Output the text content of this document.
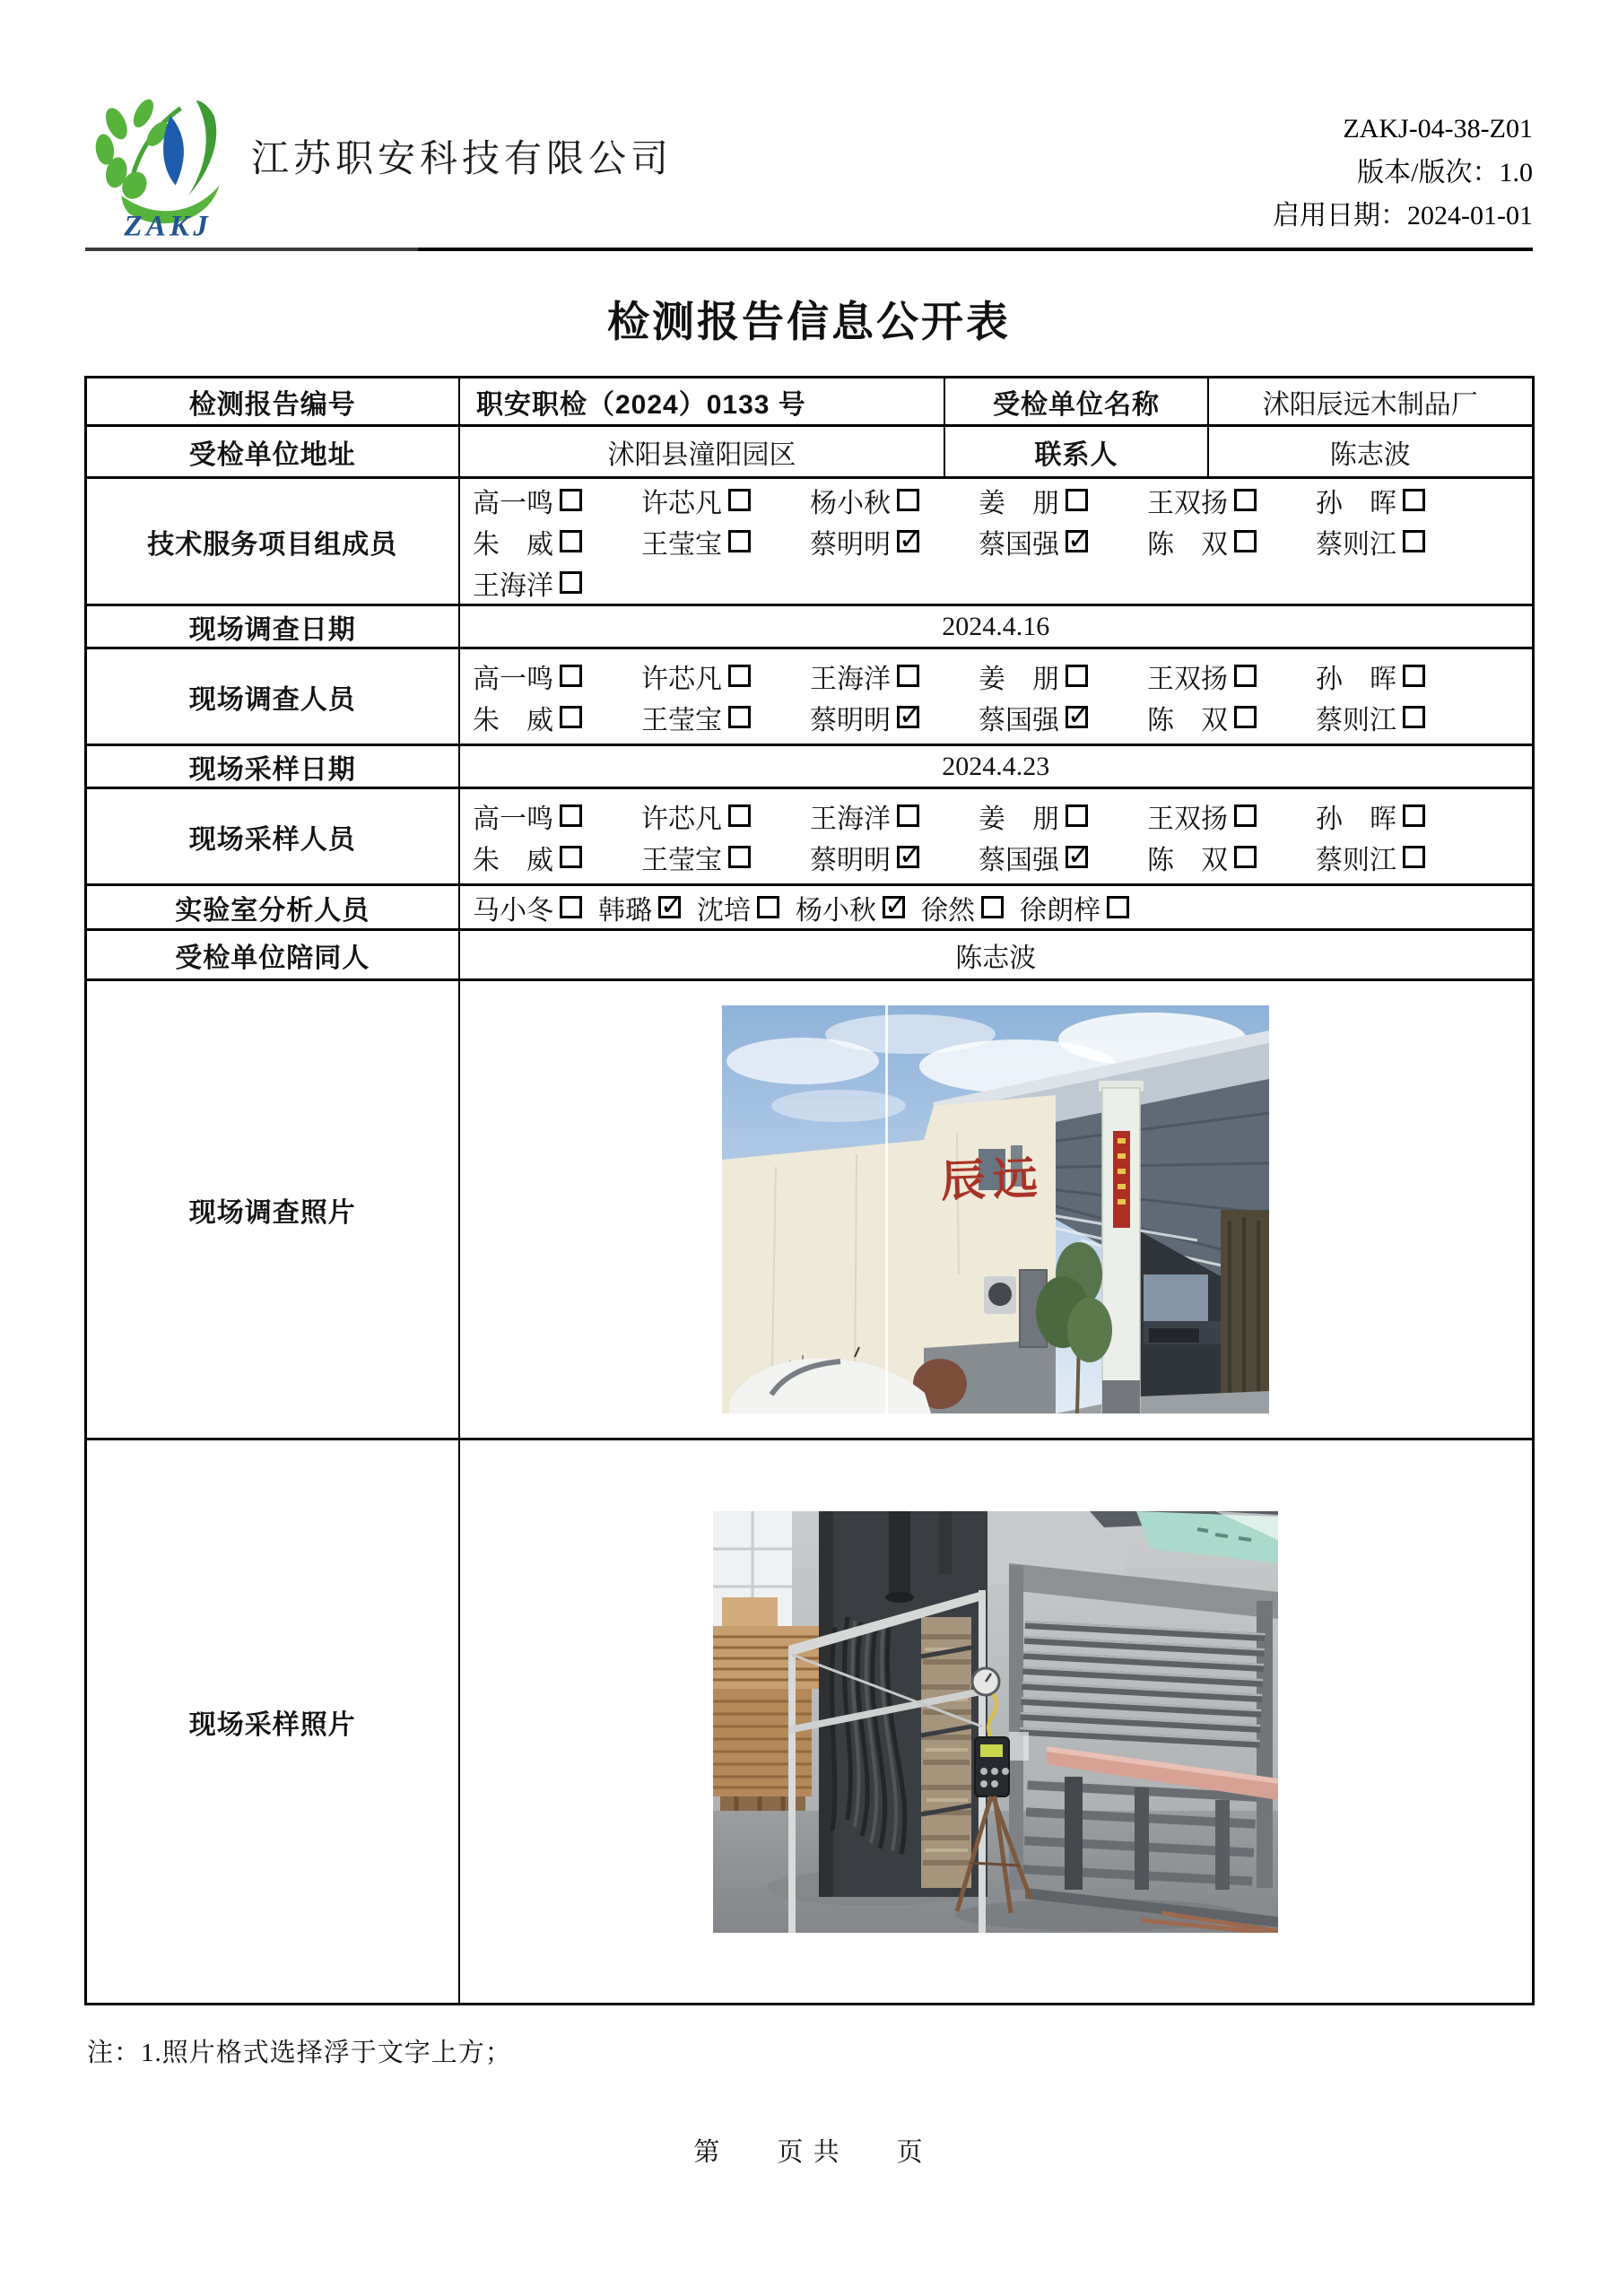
ZAKJ
江苏职安科技有限公司
ZAKJ-04-38-Z01
版本/版次：1.0
启用日期：2024-01-01
检测报告信息公开表
检测报告编号	职安职检（2024）0133 号	受检单位名称	沭阳辰远木制品厂
受检单位地址	沭阳县潼阳园区	联系人	陈志波
技术服务项目组成员	
高一鸣	许芯凡	杨小秋	姜　朋	王双扬	孙　晖
朱　威	王莹宝	蔡明明 ✓ 蔡国强 ✓ 陈　双	蔡则江
王海洋

现场调查日期	2024.4.16		
现场调查人员	
高一鸣	许芯凡	王海洋	姜　朋	王双扬	孙　晖
朱　威	王莹宝	蔡明明 ✓ 蔡国强 ✓ 陈　双	蔡则江

现场采样日期	2024.4.23		
现场采样人员	
高一鸣	许芯凡	王海洋	姜　朋	王双扬	孙　晖
朱　威	王莹宝	蔡明明 ✓ 蔡国强 ✓ 陈　双	蔡则江

实验室分析人员	马小冬 韩璐 ✓ 沈培 杨小秋 ✓ 徐然 徐朗梓

受检单位陪同人	陈志波		
现场调查照片	辰远		

现场采样照片	
注：1.照片格式选择浮于文字上方；
第　　页 共　　页
